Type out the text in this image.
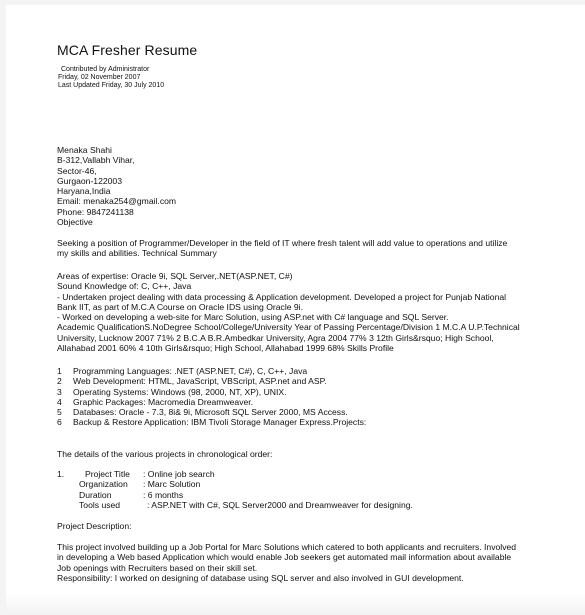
MCA Fresher Resume
Contributed by Administrator
Friday, 02 November 2007
Last Updated Friday, 30 July 2010
Menaka Shahi
B-312,Vallabh Vihar,
Sector-46,
Gurgaon-122003
Haryana,India
Email: menaka254@gmail.com
Phone: 9847241138
Objective
Seeking a position of Programmer/Developer in the field of IT where fresh talent will add value to operations and utilize
my skills and abilities. Technical Summary
Areas of expertise: Oracle 9i, SQL Server,.NET(ASP.NET, C#)
Sound Knowledge of: C, C++, Java
- Undertaken project dealing with data processing & Application development. Developed a project for Punjab National
Bank IIT, as part of M.C.A Course on Oracle IDS using Oracle 9i.
- Worked on developing a web-site for Marc Solution, using ASP.net with C# language and SQL Server.
Academic QualificationS.NoDegree School/College/University Year of Passing Percentage/Division 1 M.C.A U.P.Technical
University, Lucknow 2007 71% 2 B.C.A B.R.Ambedkar University, Agra 2004 77% 3 12th Girls&rsquo; High School,
Allahabad 2001 60% 4 10th Girls&rsquo; High School, Allahabad 1999 68% Skills Profile
1	Programming Languages: .NET (ASP.NET, C#), C, C++, Java
2	Web Development: HTML, JavaScript, VBScript, ASP.net and ASP.
3	Operating Systems: Windows (98, 2000, NT, XP), UNIX.
4	Graphic Packages: Macromedia Dreamweaver.
5	Databases: Oracle - 7.3, 8i& 9i, Microsoft SQL Server 2000, MS Access.
6	Backup & Restore Application: IBM Tivoli Storage Manager Express.Projects:
The details of the various projects in chronological order:
1.	Project Title	: Online job search
Organization	: Marc Solution
Duration	: 6 months
Tools used	: ASP.NET with C#, SQL Server2000 and Dreamweaver for designing.
Project Description:
This project involved building up a Job Portal for Marc Solutions which catered to both applicants and recruiters. Involved
in developing a Web based Application which would enable Job seekers get automated mail information about available
Job openings with Recruiters based on their skill set.
Responsibility: I worked on designing of database using SQL server and also involved in GUI development.
